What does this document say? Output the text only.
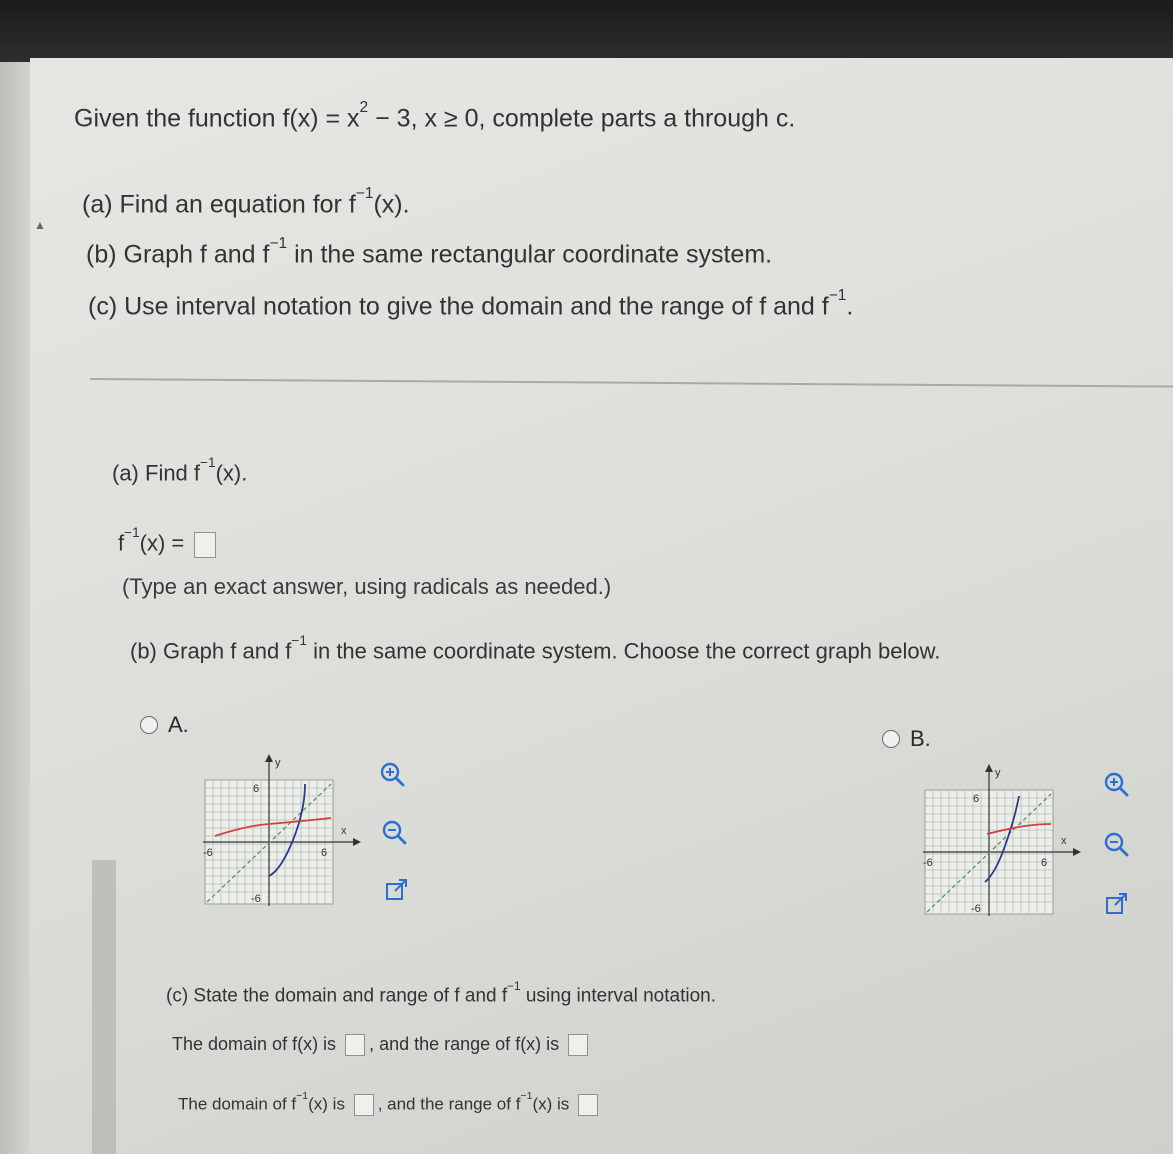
▲
Given the function $f(x) = x^2 - 3$, x ≥ 0, complete parts a through c.
(a) Find an equation for $f^{-1}(x)$.
(b) Graph f and $f^{-1}$ in the same rectangular coordinate system.
(c) Use interval notation to give the domain and the range of f and $f^{-1}$.
(a) Find $f^{-1}(x)$.
$f^{-1}(x)$ =
(Type an exact answer, using radicals as needed.)
(b) Graph f and $f^{-1}$ in the same coordinate system. Choose the correct graph below.
A.
B.
y
x
6
6
-6
-6
y
x
6
6
-6
-6
(c) State the domain and range of f and $f^{-1}$ using interval notation.
The domain of f(x) is , and the range of f(x) is
The domain of $f^{-1}(x)$ is , and the range of $f^{-1}(x)$ is
